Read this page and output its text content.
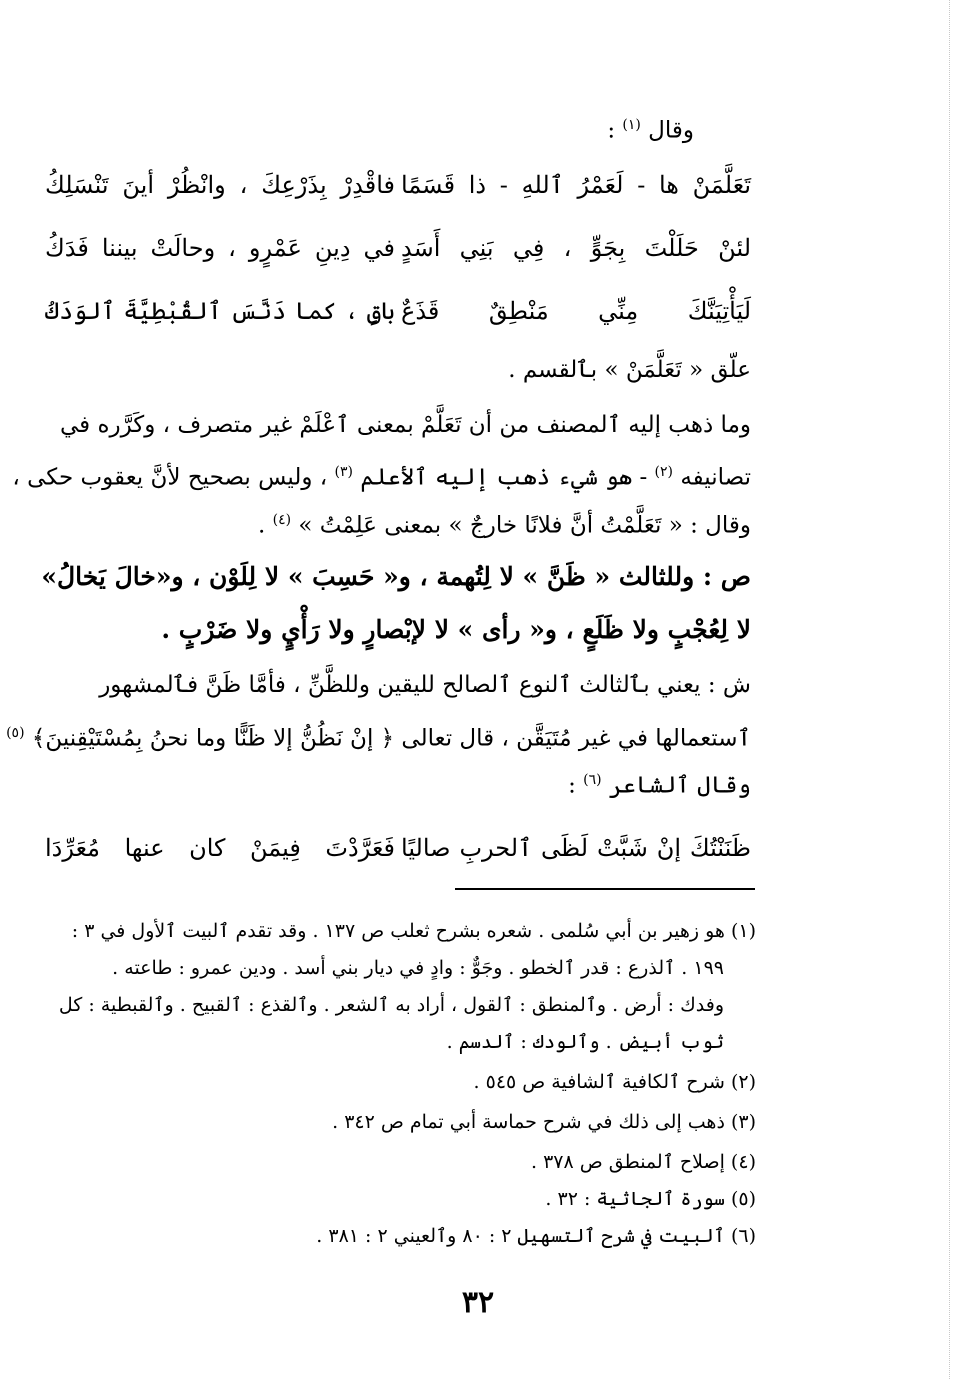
وقال $^{(١)}$ :
تَعَلَّمَنْ ها - لَعَمْرُ ٱللهِ - ذا قَسَمًا
فاقْدِرْ بِذَرْعِكَ ، وانْظُرْ أينَ تَنْسَلِكُ
لئنْ حَلَلْتَ بِجَوٍّ ، فِي بَنِي أَسَدٍ
في دِينِ عَمْرٍو ، وحالَتْ بيننا فَدَكُ
لَيَأْتِيَنَّكَ مِنِّي مَنْطِقٌ قَذَعٌ
باقٍ ، كما دَنَّسَ ٱلقُبْطِيَّةَ ٱلوَدَكُ
علّق « تَعَلَّمَنْ » بٱلقسم .
وما ذهب إليه ٱلمصنف من أن تَعَلَّمْ بمعنى ٱعْلَمْ غير متصرف ، وكَرَّره في
تصانيفه $^{(٢)}$ - هو شيء ذهب إليه ٱلأعلم $^{(٣)}$ ، وليس بصحيح لأنَّ يعقوب حكى ،
وقال : « تَعَلَّمْتُ أنَّ فلانًا خارجٌ » بمعنى عَلِمْتُ » $^{(٤)}$ .
ص : وللثالث « ظَنَّ » لا لِتُهمة ، و« حَسِبَ » لا لِلَوْن ، و«خالَ يَخالُ»
لا لِعُجْبٍ ولا ظَلَعٍ ، و« رأى » لا لإبْصارٍ ولا رَأْيٍ ولا ضَرْبٍ .
ش : يعني بٱلثالث ٱلنوع ٱلصالح لليقين وللظَّنِّ ، فأمَّا ظَنَّ فٱلمشهور
ٱستعمالها في غير مُتَيَقَّن ، قال تعالى ﴿ إنْ نَظُنُّ إلا ظَنًّا وما نحنُ بِمُسْتَيْقِنينَ﴾ $^{(٥)}$
وقال ٱلشاعر $^{(٦)}$ :
ظَنَنْتُكَ إنْ شَبَّتْ لَظَى ٱلحربِ صاليًا
فَعَرَّدْتَ فِيمَنْ كان عنها مُعَرِّدَا
(١) هو زهير بن أبي سُلمى . شعره بشرح ثعلب ص ١٣٧ . وقد تقدم ٱلبيت ٱلأول في ٣ :
١٩٩ . ٱلذرع : قدر ٱلخطو . وجَوٌّ : وادٍ في ديار بني أسد . ودين عمرو : طاعته .
وفدك : أرض . وٱلمنطق : ٱلقول ، أراد به ٱلشعر . وٱلقذع : ٱلقبيح . وٱلقبطية : كل
ثوب أبيض . وٱلودك : ٱلدسم .
(٢) شرح ٱلكافية ٱلشافية ص ٥٤٥ .
(٣) ذهب إلى ذلك في شرح حماسة أبي تمام ص ٣٤٢ .
(٤) إصلاح ٱلمنطق ص ٣٧٨ .
(٥) سورة ٱلجاثية : ٣٢ .
(٦) ٱلبيت في شرح ٱلتسهيل ٢ : ٨٠ وٱلعيني ٢ : ٣٨١ .
٣٢
